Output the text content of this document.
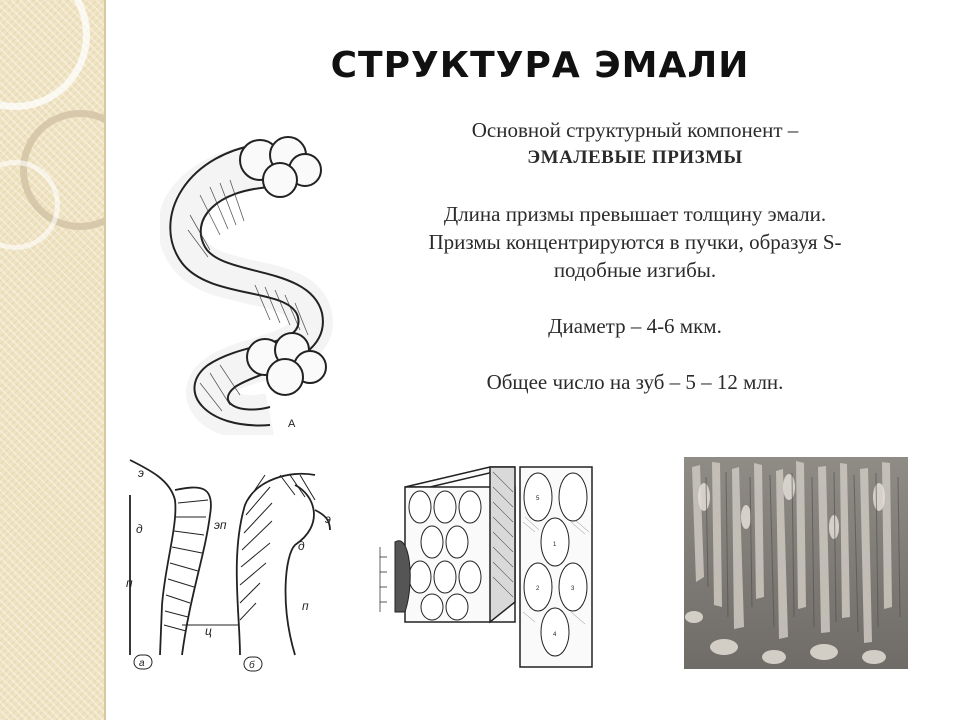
СТРУКТУРА ЭМАЛИ

Основной структурный компонент –

ЭМАЛЕВЫЕ ПРИЗМЫ

Длина призмы превышает толщину эмали.

Призмы концентрируются в пучки, образуя S-

подобные изгибы.

Диаметр – 4-6 мкм.

Общее число на зуб – 5 – 12 млн.

А
э
д
п
эп
ц
э
д
п
а	б
1
2	3
4
5
